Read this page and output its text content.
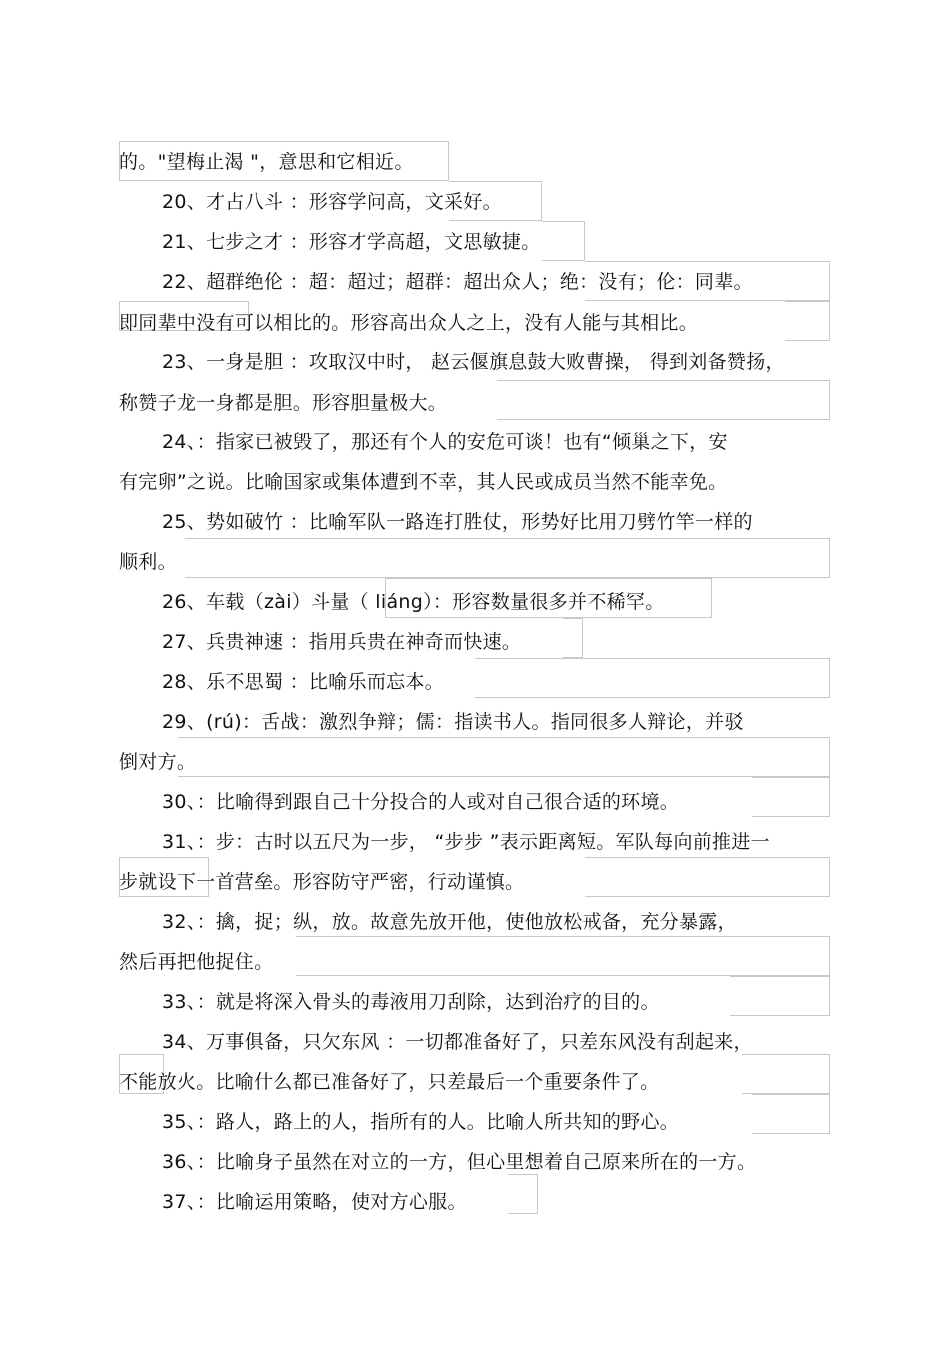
的。"望梅止渴 "，意思和它相近。
20、才占八斗 ：形容学问高，文采好。
21、七步之才 ：形容才学高超，文思敏捷。
22、超群绝伦 ：超：超过；超群：超出众人；绝：没有；伦：同辈。
即同辈中没有可以相比的。形容高出众人之上，没有人能与其相比。
23、一身是胆 ：攻取汉中时， 赵云偃旗息鼓大败曹操， 得到刘备赞扬，
称赞子龙一身都是胆。形容胆量极大。
24、：指家已被毁了，那还有个人的安危可谈！也有“倾巢之下，安
有完卵”之说。比喻国家或集体遭到不幸，其人民或成员当然不能幸免。
25、势如破竹 ：比喻军队一路连打胜仗，形势好比用刀劈竹竿一样的
顺利。
26、车载（zài）斗量（ liáng）：形容数量很多并不稀罕。
27、兵贵神速 ：指用兵贵在神奇而快速。
28、乐不思蜀 ：比喻乐而忘本。
29、(rú)：舌战：激烈争辩；儒：指读书人。指同很多人辩论，并驳
倒对方。
30、：比喻得到跟自己十分投合的人或对自己很合适的环境。
31、：步：古时以五尺为一步， “步步 ”表示距离短。军队每向前推进一
步就设下一首营垒。形容防守严密，行动谨慎。
32、：擒，捉；纵，放。故意先放开他，使他放松戒备，充分暴露，
然后再把他捉住。
33、：就是将深入骨头的毒液用刀刮除，达到治疗的目的。
34、万事俱备，只欠东风 ：一切都准备好了，只差东风没有刮起来，
不能放火。比喻什么都已准备好了，只差最后一个重要条件了。
35、：路人，路上的人，指所有的人。比喻人所共知的野心。
36、：比喻身子虽然在对立的一方，但心里想着自己原来所在的一方。
37、：比喻运用策略，使对方心服。
